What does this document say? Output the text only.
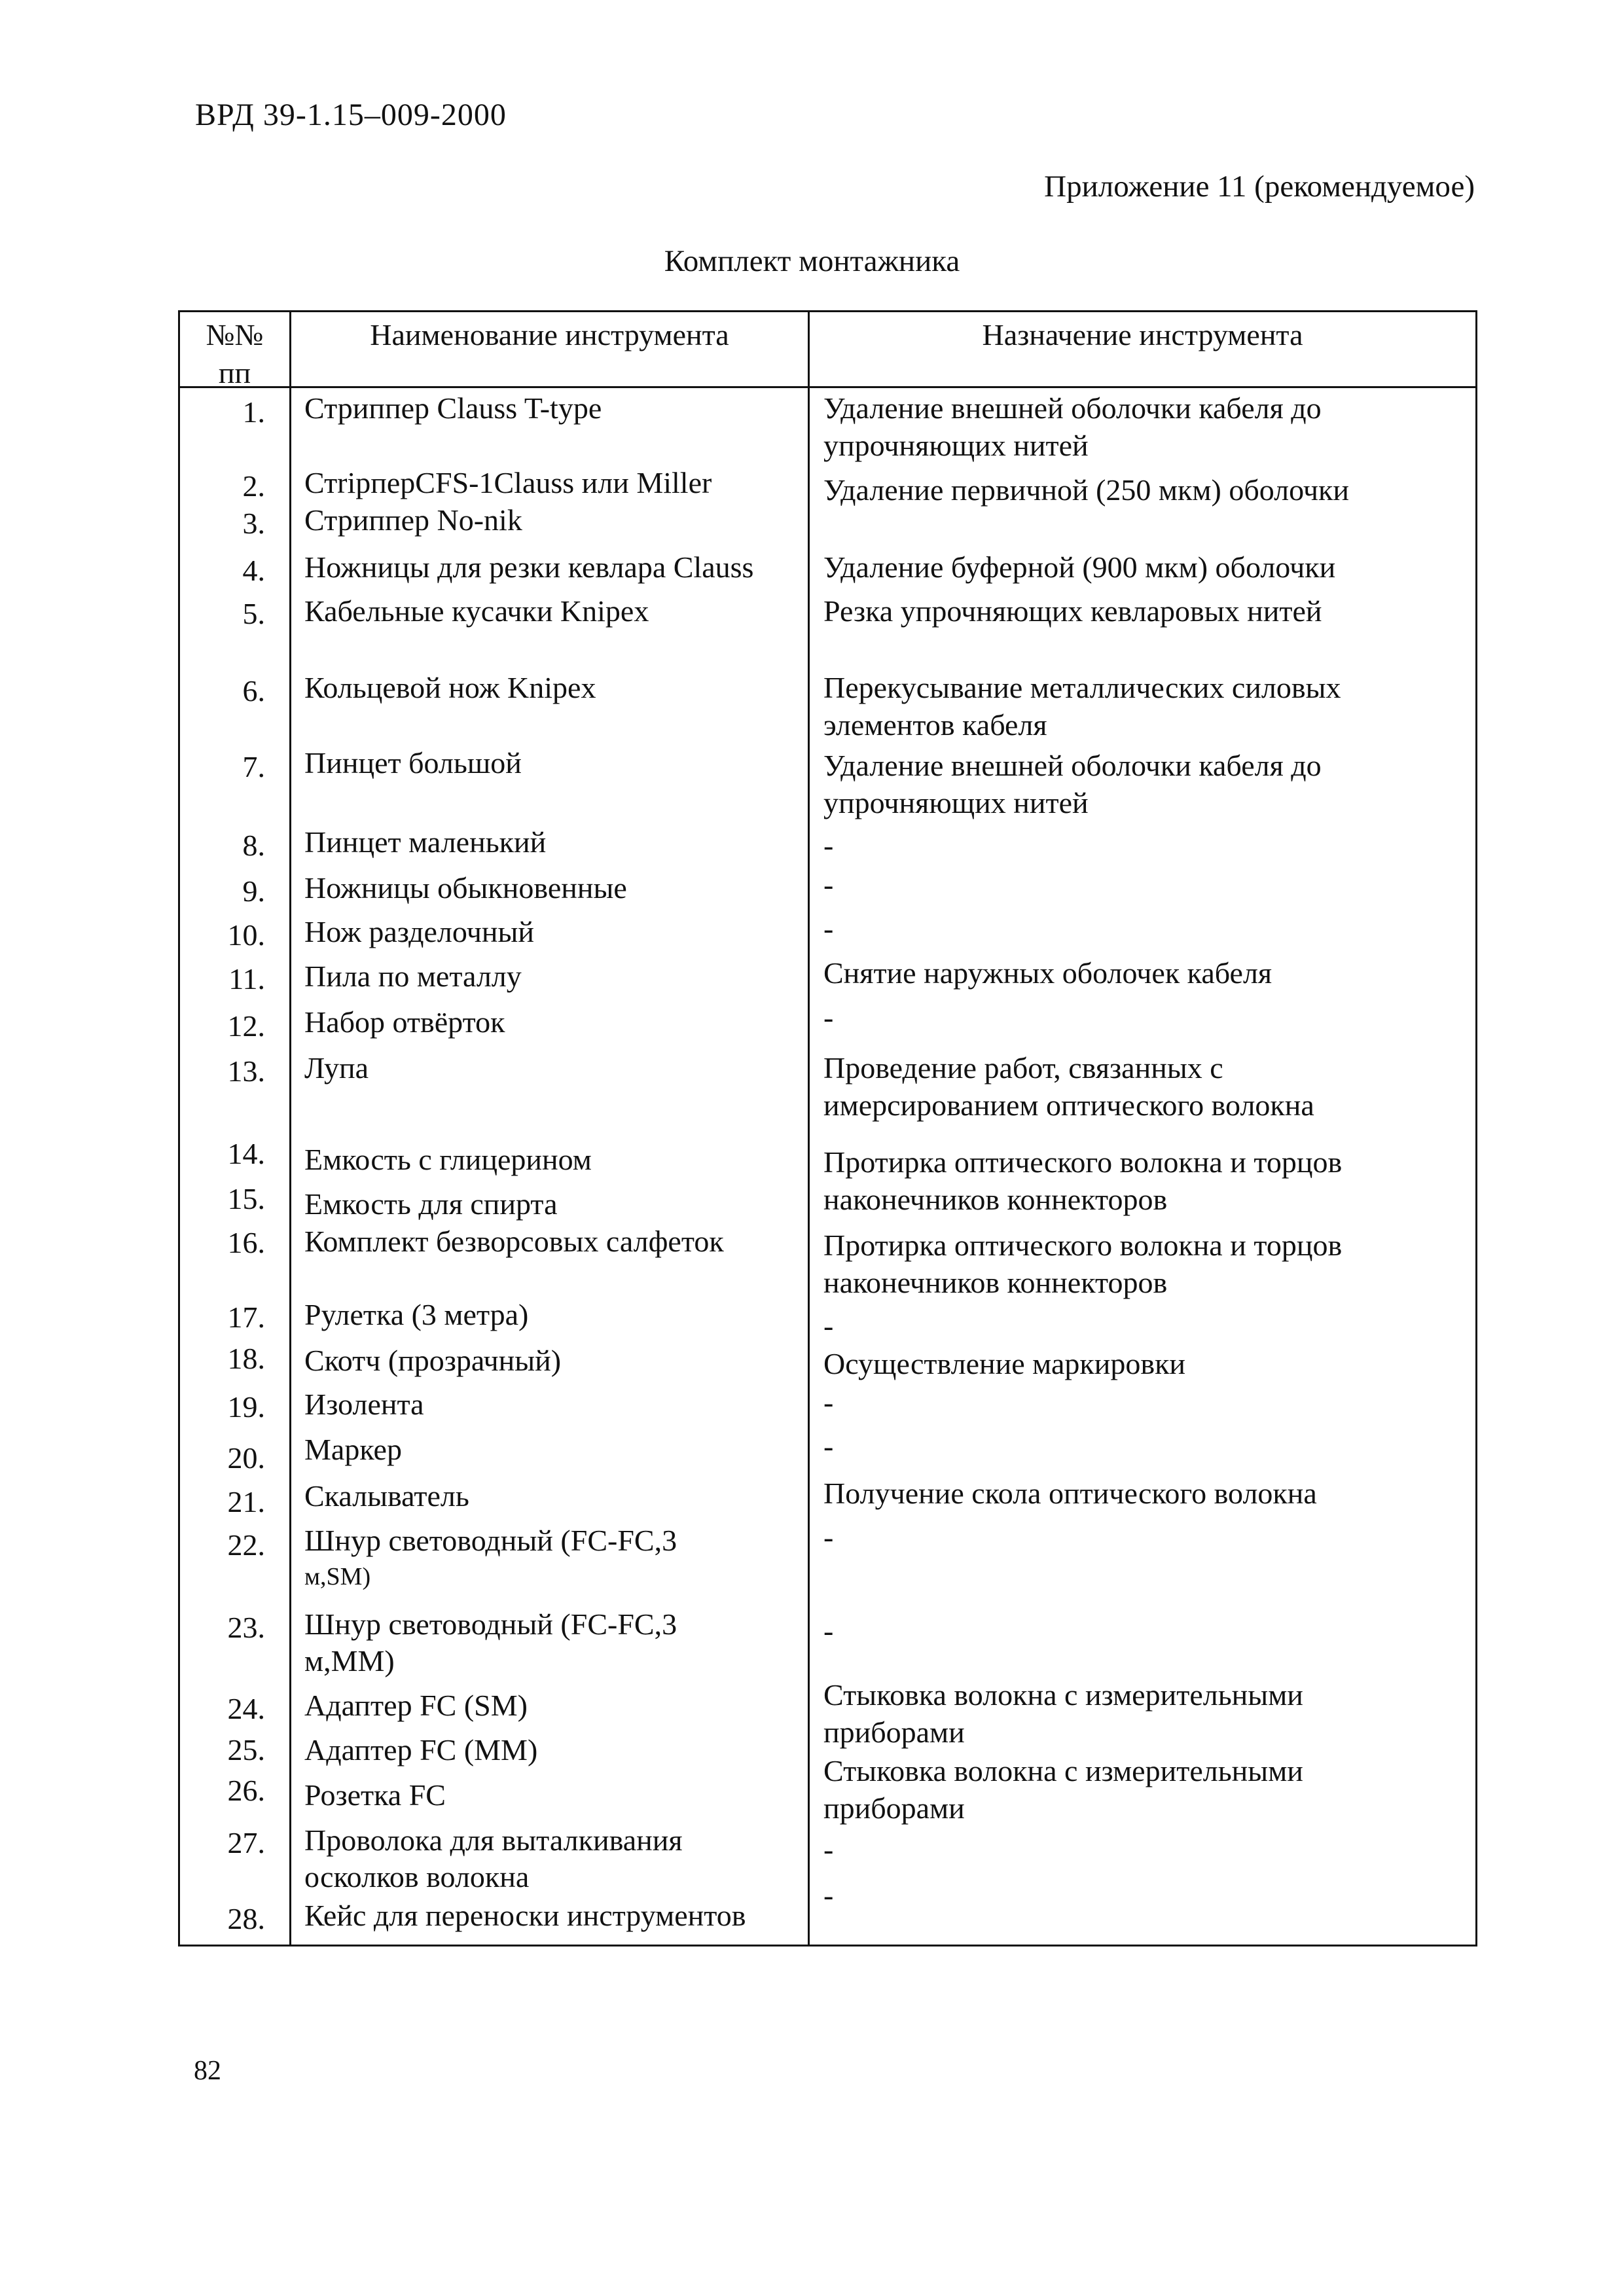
ВРД 39-1.15–009-2000
Приложение 11 (рекомендуемое)
Комплект монтажника
№№
пп
Наименование инструмента	Назначение инструмента
1.
2.
3.
4.
5.
6.
7.
8.
9.
10.
11.
12.
13.
14.
15.
16.
17.
18.
19.
20.
21.
22.
23.
24.
25.
26.
27.
28.
Стриппер Clauss T-type
СтripперCFS-1Clauss или Miller
Стриппер No-nik
Ножницы для резки кевлара Clauss
Кабельные кусачки Knipex
Кольцевой нож Knipex
Пинцет большой
Пинцет маленький
Ножницы обыкновенные
Нож разделочный
Пила по металлу
Набор отвёрток
Лупа
Емкость с глицерином
Емкость для спирта
Комплект безворсовых салфеток
Рулетка (3 метра)
Скотч (прозрачный)
Изолента
Маркер
Скалыватель
Шнур световодный (FC-FC,3
м,SM)
Шнур световодный (FC-FC,3
м,ММ)
Адаптер FC (SM)
Адаптер FC (ММ)
Розетка FC
Проволока для выталкивания
осколков волокна
Кейс для переноски инструментов
Удаление внешней оболочки кабеля до
упрочняющих нитей
Удаление первичной (250 мкм) оболочки
Удаление буферной (900 мкм) оболочки
Резка упрочняющих кевларовых нитей
Перекусывание металлических силовых
элементов кабеля
Удаление внешней оболочки кабеля до
упрочняющих нитей
-
-
-
Снятие наружных оболочек кабеля
-
Проведение работ, связанных с
имерсированием оптического волокна
Протирка оптического волокна и торцов
наконечников коннекторов
Протирка оптического волокна и торцов
наконечников коннекторов
-
Осуществление маркировки
-
-
Получение скола оптического волокна
-
-
Стыковка волокна с измерительными
приборами
Стыковка волокна с измерительными
приборами
-
-
82
